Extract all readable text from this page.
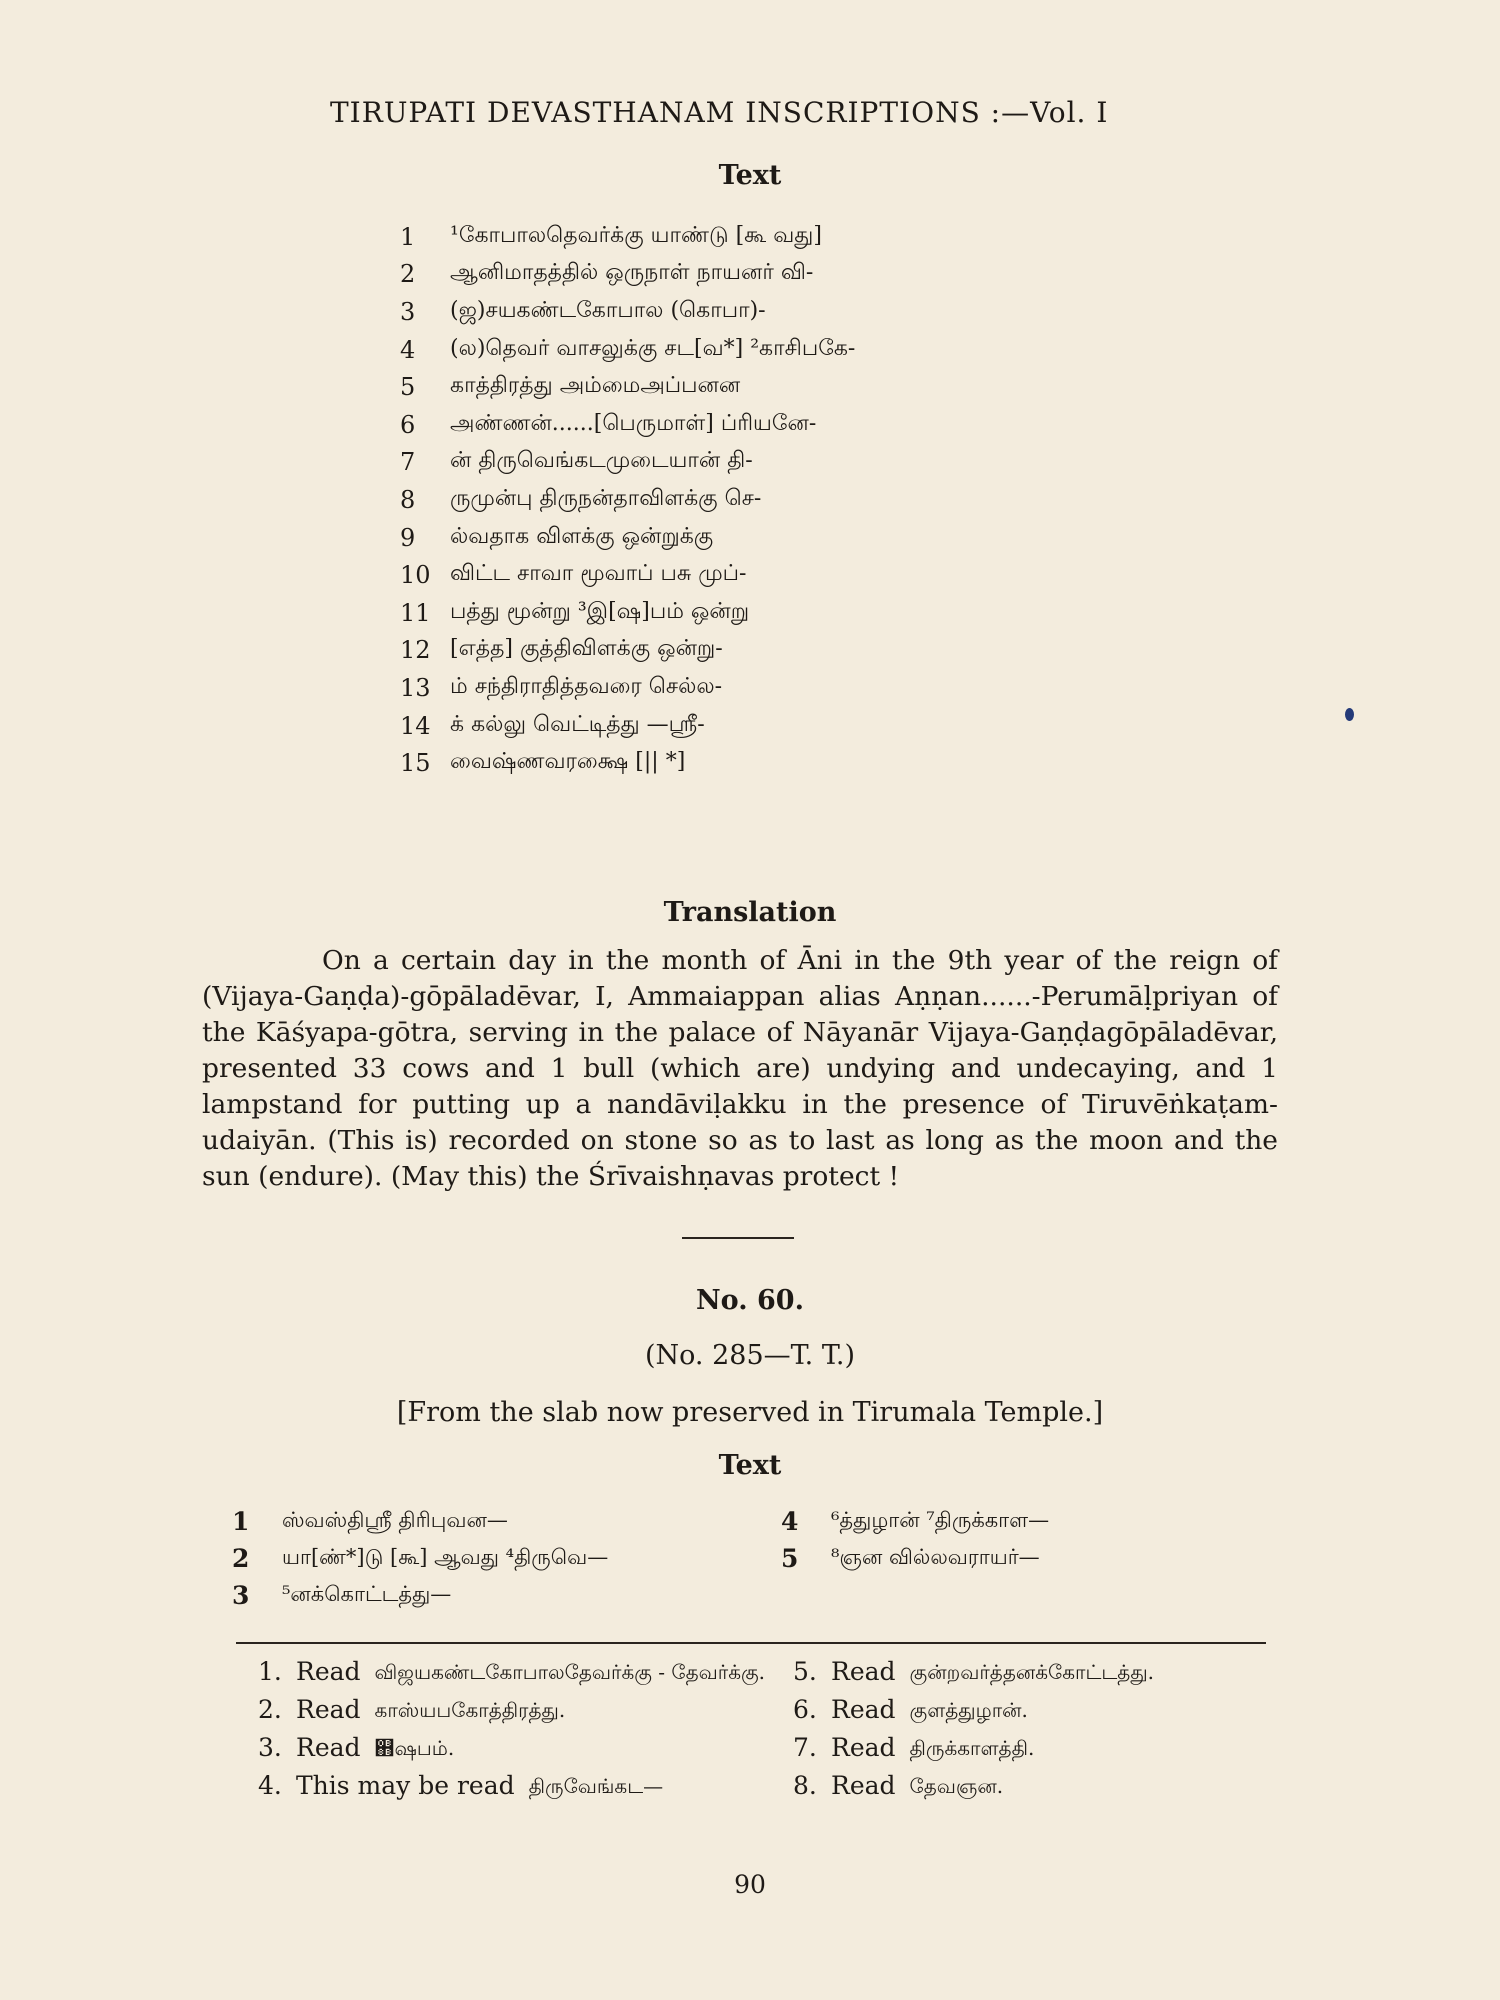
TIRUPATI DEVASTHANAM INSCRIPTIONS :—Vol. I
Text
1	¹கோபாலதெவர்க்கு யாண்டு [கூ வது]
2	ஆனிமாதத்தில் ஒருநாள் நாயனர் வி-
3	(ஜ)சயகண்டகோபால (கொபா)-
4	(ல)தெவர் வாசலுக்கு சட[வ*] ²காசிபகே-
5	காத்திரத்து அம்மைஅப்பனன
6	அண்ணன்......[பெருமாள்] ப்ரியனே-
7	ன் திருவெங்கடமுடையான் தி-
8	ருமுன்பு திருநன்தாவிளக்கு செ-
9	ல்வதாக விளக்கு ஒன்றுக்கு
10 விட்ட சாவா மூவாப் பசு முப்-
11 பத்து மூன்று ³இ[ஷ]பம் ஒன்று
12 [எத்த] குத்திவிளக்கு ஒன்று-
13 ம் சந்திராதித்தவரை செல்ல-
14 க் கல்லு வெட்டித்து —ஸ்ரீ-
15 வைஷ்ணவரக்ஷை [|| *]
Translation
On a certain day in the month of Āni in the 9th year of the reign of (Vijaya-Gaṇḍa)-gōpāladēvar, I, Ammaiappan alias Aṇṇan......-Perumāḷpriyan of the Kāśyapa-gōtra, serving in the palace of Nāyanār Vijaya-Gaṇḍagōpāladēvar, presented 33 cows and 1 bull (which are) undying and undecaying, and 1 lampstand for putting up a nandāviḷakku in the presence of Tiruvēṅkaṭam-udaiyān. (This is) recorded on stone so as to last as long as the moon and the sun (endure). (May this) the Śrīvaishṇavas protect !
No. 60.
(No. 285—T. T.)
[From the slab now preserved in Tirumala Temple.]
Text
1	ஸ்வஸ்திஸ்ரீ திரிபுவன—	4	⁶த்துழான் ⁷திருக்காள—
2	யா[ண்*]டு [கூ] ஆவது ⁴திருவெ—	5	⁸ஞன வில்லவராயர்—
3	⁵னக்கொட்டத்து—
1. Read விஜயகண்டகோபாலதேவர்க்கு - தேவர்க்கு.
2. Read காஸ்யபகோத்திரத்து.
3. Read ஋ஷபம்.
4. This may be read திருவேங்கட—
5. Read குன்றவர்த்தனக்கோட்டத்து.
6. Read குளத்துழான்.
7. Read திருக்காளத்தி.
8. Read தேவஞன.
90
